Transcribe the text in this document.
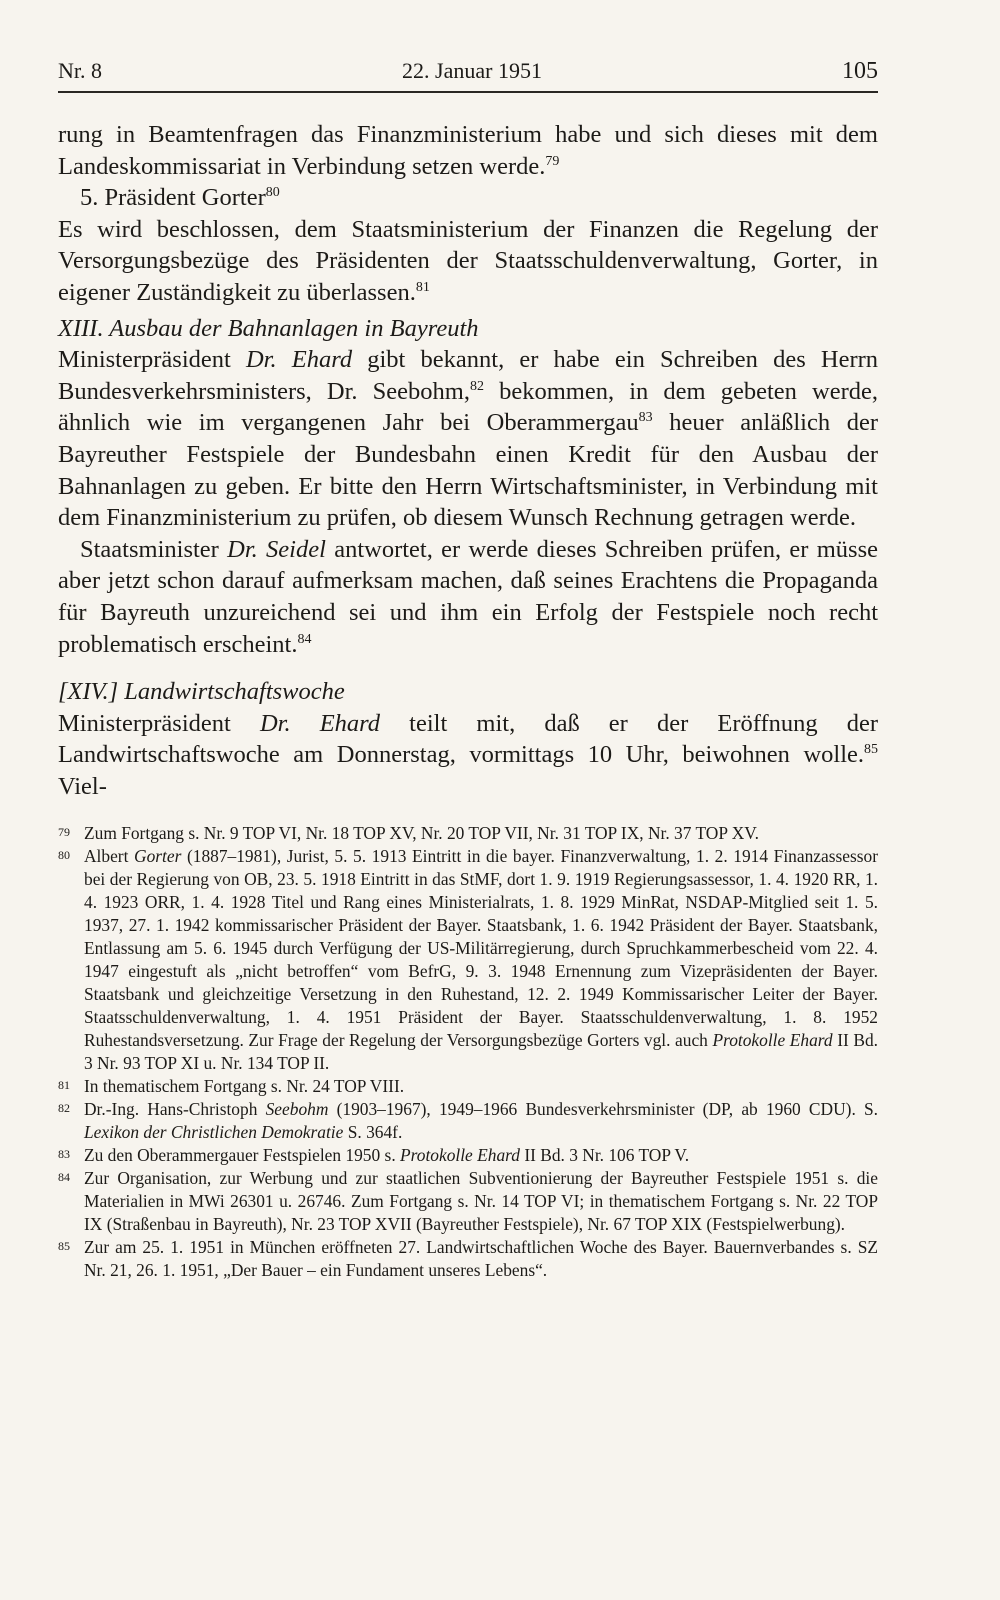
Nr. 8	22. Januar 1951	105

rung in Beamtenfragen das Finanzministerium habe und sich dieses mit dem Landeskommissariat in Verbindung setzen werde.$^{79}$

5. Präsident Gorter$^{80}$

Es wird beschlossen, dem Staatsministerium der Finanzen die Regelung der Versorgungsbezüge des Präsidenten der Staatsschuldenverwaltung, Gorter, in eigener Zuständigkeit zu überlassen.$^{81}$

XIII. Ausbau der Bahnanlagen in Bayreuth

Ministerpräsident Dr. Ehard gibt bekannt, er habe ein Schreiben des Herrn Bundesverkehrsministers, Dr. Seebohm,$^{82}$ bekommen, in dem gebeten werde, ähnlich wie im vergangenen Jahr bei Oberammergau$^{83}$ heuer anläßlich der Bayreuther Festspiele der Bundesbahn einen Kredit für den Ausbau der Bahnanlagen zu geben. Er bitte den Herrn Wirtschaftsminister, in Verbindung mit dem Finanzministerium zu prüfen, ob diesem Wunsch Rechnung getragen werde.

Staatsminister Dr. Seidel antwortet, er werde dieses Schreiben prüfen, er müsse aber jetzt schon darauf aufmerksam machen, daß seines Erachtens die Propaganda für Bayreuth unzureichend sei und ihm ein Erfolg der Festspiele noch recht problematisch erscheint.$^{84}$

[XIV.] Landwirtschaftswoche

Ministerpräsident Dr. Ehard teilt mit, daß er der Eröffnung der Landwirtschaftswoche am Donnerstag, vormittags 10 Uhr, beiwohnen wolle.$^{85}$ Viel-

79 Zum Fortgang s. Nr. 9 TOP VI, Nr. 18 TOP XV, Nr. 20 TOP VII, Nr. 31 TOP IX, Nr. 37 TOP XV.
80 Albert Gorter (1887–1981), Jurist, 5. 5. 1913 Eintritt in die bayer. Finanzverwaltung, 1. 2. 1914 Finanzassessor bei der Regierung von OB, 23. 5. 1918 Eintritt in das StMF, dort 1. 9. 1919 Regierungsassessor, 1. 4. 1920 RR, 1. 4. 1923 ORR, 1. 4. 1928 Titel und Rang eines Ministerialrats, 1. 8. 1929 MinRat, NSDAP-Mitglied seit 1. 5. 1937, 27. 1. 1942 kommissarischer Präsident der Bayer. Staatsbank, 1. 6. 1942 Präsident der Bayer. Staatsbank, Entlassung am 5. 6. 1945 durch Verfügung der US-Militärregierung, durch Spruchkammerbescheid vom 22. 4. 1947 eingestuft als „nicht betroffen“ vom BefrG, 9. 3. 1948 Ernennung zum Vizepräsidenten der Bayer. Staatsbank und gleichzeitige Versetzung in den Ruhestand, 12. 2. 1949 Kommissarischer Leiter der Bayer. Staatsschuldenverwaltung, 1. 4. 1951 Präsident der Bayer. Staatsschuldenverwaltung, 1. 8. 1952 Ruhestandsversetzung. Zur Frage der Regelung der Versorgungsbezüge Gorters vgl. auch Protokolle Ehard II Bd. 3 Nr. 93 TOP XI u. Nr. 134 TOP II.
81 In thematischem Fortgang s. Nr. 24 TOP VIII.
82 Dr.-Ing. Hans-Christoph Seebohm (1903–1967), 1949–1966 Bundesverkehrsminister (DP, ab 1960 CDU). S. Lexikon der Christlichen Demokratie S. 364f.
83 Zu den Oberammergauer Festspielen 1950 s. Protokolle Ehard II Bd. 3 Nr. 106 TOP V.
84 Zur Organisation, zur Werbung und zur staatlichen Subventionierung der Bayreuther Festspiele 1951 s. die Materialien in MWi 26301 u. 26746. Zum Fortgang s. Nr. 14 TOP VI; in thematischem Fortgang s. Nr. 22 TOP IX (Straßenbau in Bayreuth), Nr. 23 TOP XVII (Bayreuther Festspiele), Nr. 67 TOP XIX (Festspielwerbung).
85 Zur am 25. 1. 1951 in München eröffneten 27. Landwirtschaftlichen Woche des Bayer. Bauernverbandes s. SZ Nr. 21, 26. 1. 1951, „Der Bauer – ein Fundament unseres Lebens“.
